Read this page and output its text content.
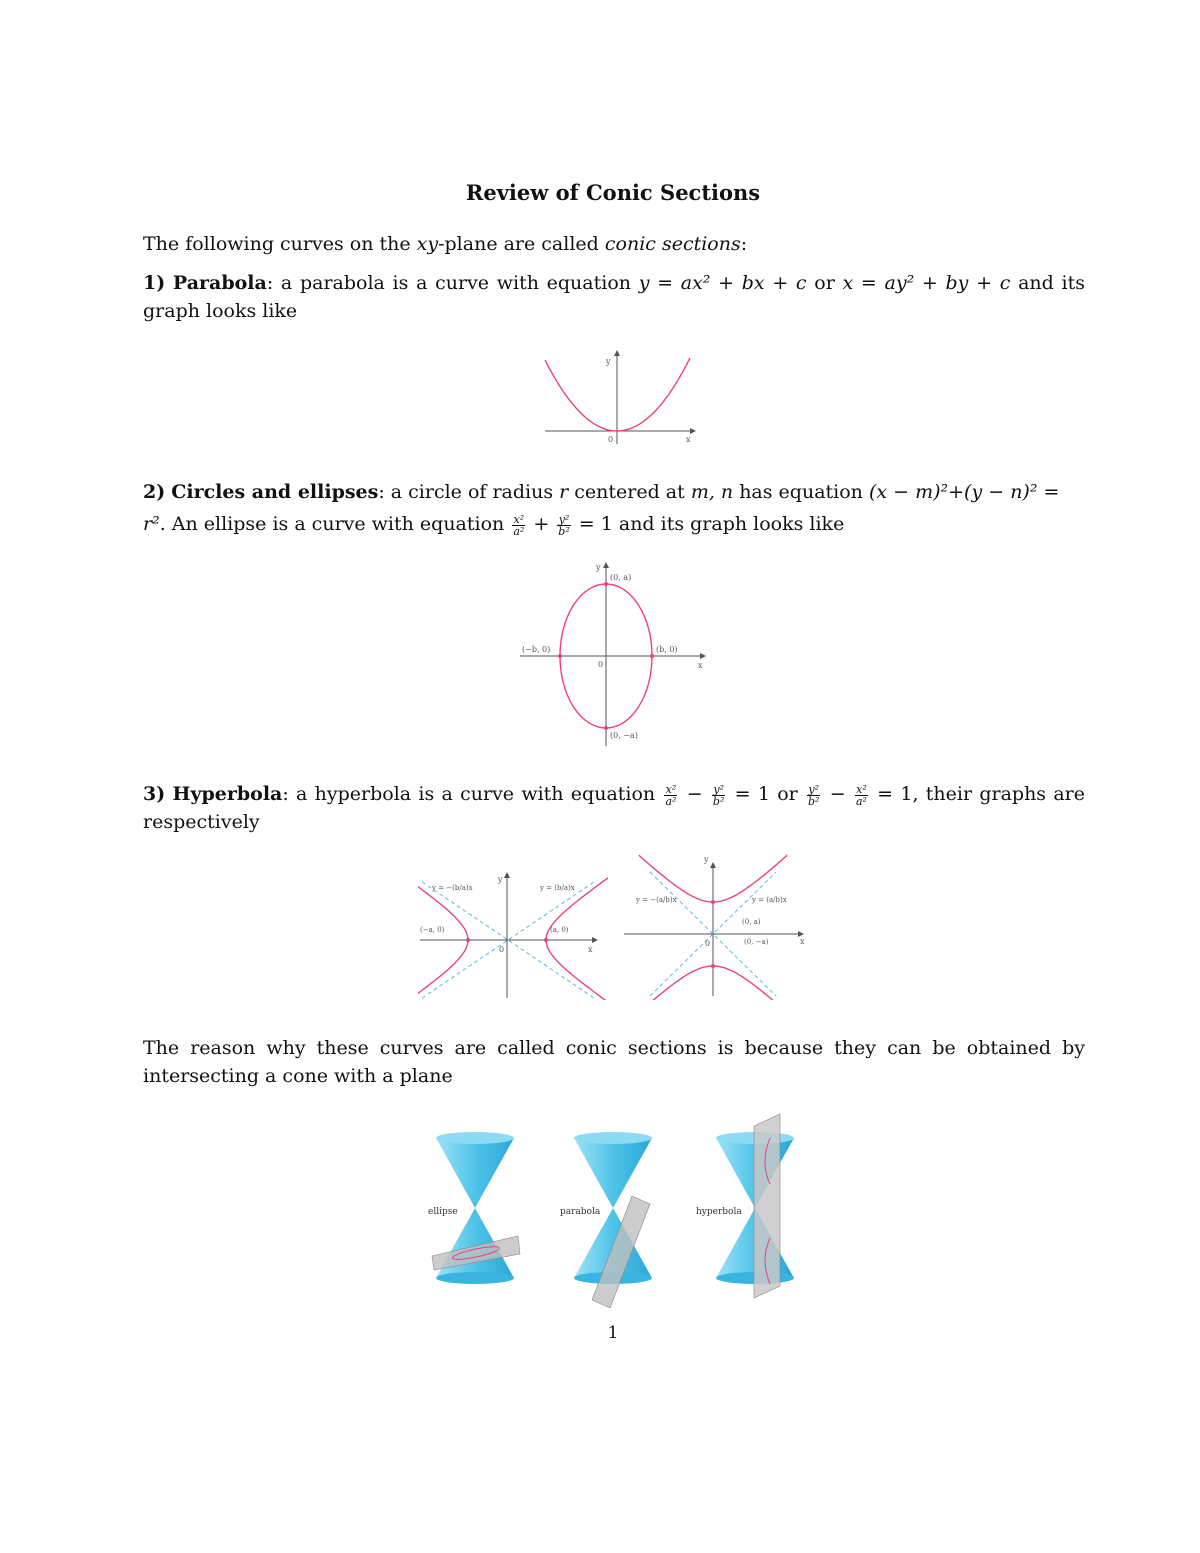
Review of Conic Sections
The following curves on the xy-plane are called conic sections:
1) Parabola: a parabola is a curve with equation y = ax² + bx + c or x = ay² + by + c and its graph looks like
y
x
0
2) Circles and ellipses: a circle of radius r centered at m, n has equation (x − m)²+(y − n)² =
r². An ellipse is a curve with equation $\frac{\text{x²}}{\text{a²}} + \frac{\text{y²}}{\text{b²}} = 1$ and its graph looks like
y
x
0
(0, a)
(0, −a)
(−b, 0)	(b, 0)
3) Hyperbola: a hyperbola is a curve with equation $\frac{\text{x²}}{\text{a²}} - \frac{\text{y²}}{\text{b²}} = 1$ or $\frac{\text{y²}}{\text{b²}} - \frac{\text{x²}}{\text{a²}} = 1$, their graphs are respectively
y
x
0
(−a, 0)	(a, 0)
y = −(b/a)x	y = (b/a)x
y
x
0
(0, a)
(0, −a)
y = −(a/b)x	y = (a/b)x
The reason why these curves are called conic sections is because they can be obtained by intersecting a cone with a plane
ellipse	parabola	hyperbola
1
